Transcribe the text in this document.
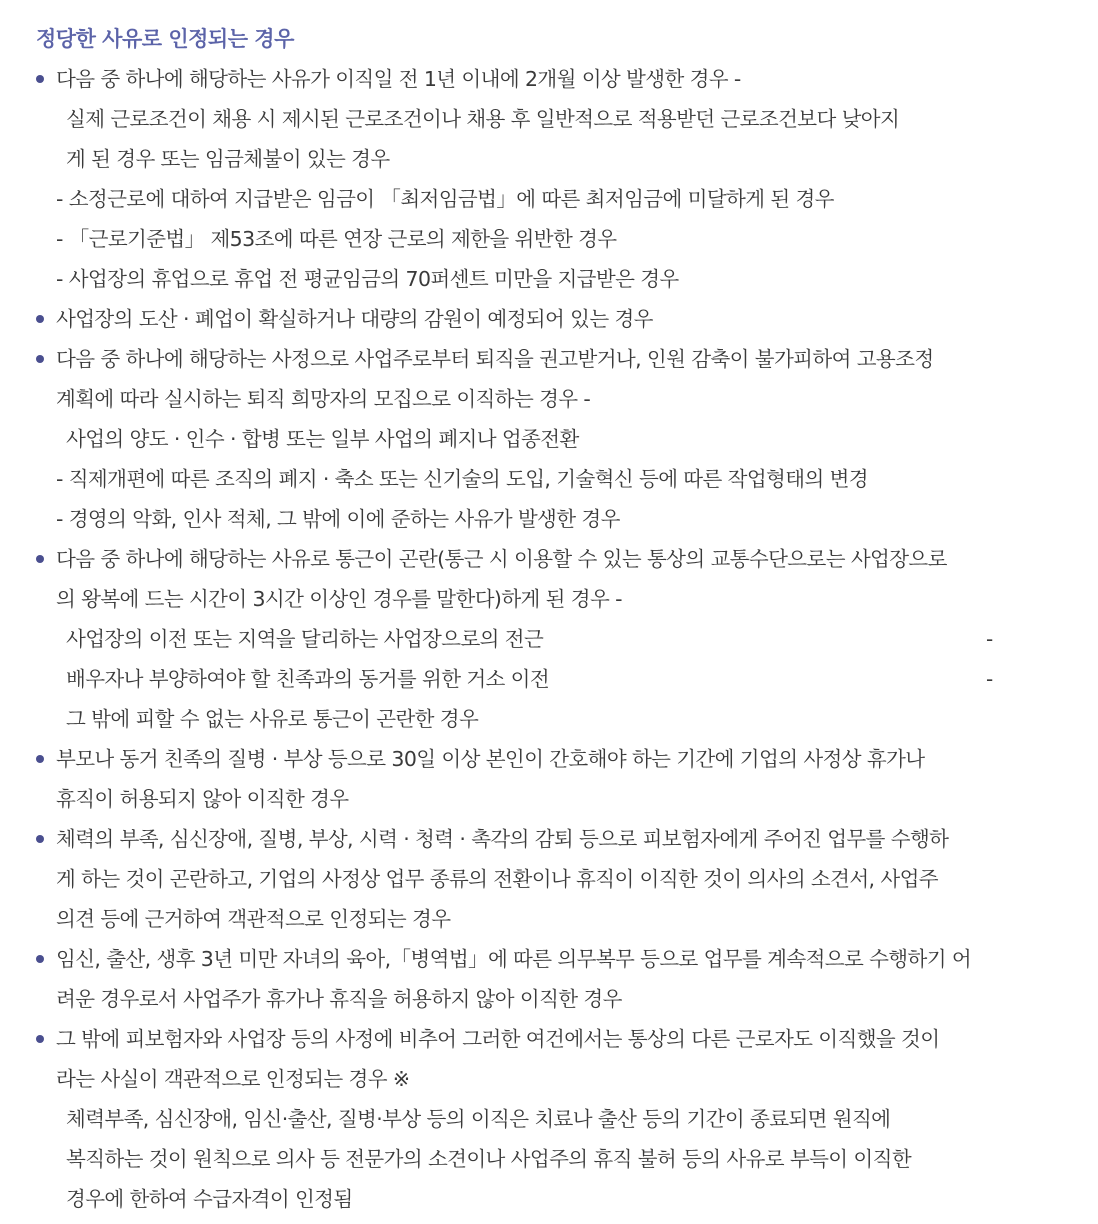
정당한 사유로 인정되는 경우
다음 중 하나에 해당하는 사유가 이직일 전 1년 이내에 2개월 이상 발생한 경우 -
실제 근로조건이 채용 시 제시된 근로조건이나 채용 후 일반적으로 적용받던 근로조건보다 낮아지
게 된 경우 또는 임금체불이 있는 경우
- 소정근로에 대하여 지급받은 임금이 「최저임금법」에 따른 최저임금에 미달하게 된 경우
- 「근로기준법」 제53조에 따른 연장 근로의 제한을 위반한 경우
- 사업장의 휴업으로 휴업 전 평균임금의 70퍼센트 미만을 지급받은 경우
사업장의 도산 · 폐업이 확실하거나 대량의 감원이 예정되어 있는 경우
다음 중 하나에 해당하는 사정으로 사업주로부터 퇴직을 권고받거나, 인원 감축이 불가피하여 고용조정
계획에 따라 실시하는 퇴직 희망자의 모집으로 이직하는 경우 -
사업의 양도 · 인수 · 합병 또는 일부 사업의 폐지나 업종전환
- 직제개편에 따른 조직의 폐지 · 축소 또는 신기술의 도입, 기술혁신 등에 따른 작업형태의 변경
- 경영의 악화, 인사 적체, 그 밖에 이에 준하는 사유가 발생한 경우
다음 중 하나에 해당하는 사유로 통근이 곤란(통근 시 이용할 수 있는 통상의 교통수단으로는 사업장으로
의 왕복에 드는 시간이 3시간 이상인 경우를 말한다)하게 된 경우 -
사업장의 이전 또는 지역을 달리하는 사업장으로의 전근	-
배우자나 부양하여야 할 친족과의 동거를 위한 거소 이전	-
그 밖에 피할 수 없는 사유로 통근이 곤란한 경우
부모나 동거 친족의 질병 · 부상 등으로 30일 이상 본인이 간호해야 하는 기간에 기업의 사정상 휴가나
휴직이 허용되지 않아 이직한 경우
체력의 부족, 심신장애, 질병, 부상, 시력 · 청력 · 촉각의 감퇴 등으로 피보험자에게 주어진 업무를 수행하
게 하는 것이 곤란하고, 기업의 사정상 업무 종류의 전환이나 휴직이 이직한 것이 의사의 소견서, 사업주
의견 등에 근거하여 객관적으로 인정되는 경우
임신, 출산, 생후 3년 미만 자녀의 육아,「병역법」에 따른 의무복무 등으로 업무를 계속적으로 수행하기 어
려운 경우로서 사업주가 휴가나 휴직을 허용하지 않아 이직한 경우
그 밖에 피보험자와 사업장 등의 사정에 비추어 그러한 여건에서는 통상의 다른 근로자도 이직했을 것이
라는 사실이 객관적으로 인정되는 경우 ※
체력부족, 심신장애, 임신·출산, 질병·부상 등의 이직은 치료나 출산 등의 기간이 종료되면 원직에
복직하는 것이 원칙으로 의사 등 전문가의 소견이나 사업주의 휴직 불허 등의 사유로 부득이 이직한
경우에 한하여 수급자격이 인정됨
